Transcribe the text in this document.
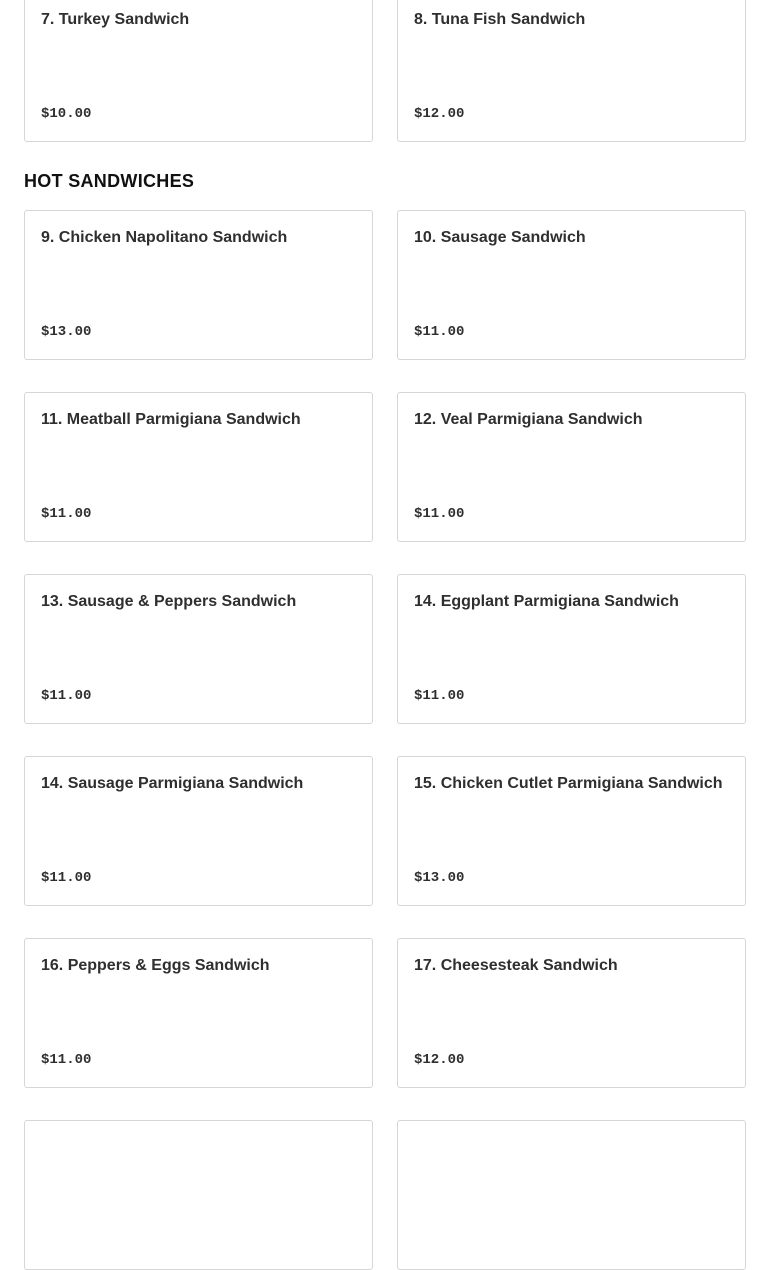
7. Turkey Sandwich
$10.00
8. Tuna Fish Sandwich
$12.00
HOT SANDWICHES
9. Chicken Napolitano Sandwich
$13.00
10. Sausage Sandwich
$11.00
11. Meatball Parmigiana Sandwich
$11.00
12. Veal Parmigiana Sandwich
$11.00
13. Sausage & Peppers Sandwich
$11.00
14. Eggplant Parmigiana Sandwich
$11.00
14. Sausage Parmigiana Sandwich
$11.00
15. Chicken Cutlet Parmigiana Sandwich
$13.00
16. Peppers & Eggs Sandwich
$11.00
17. Cheesesteak Sandwich
$12.00
